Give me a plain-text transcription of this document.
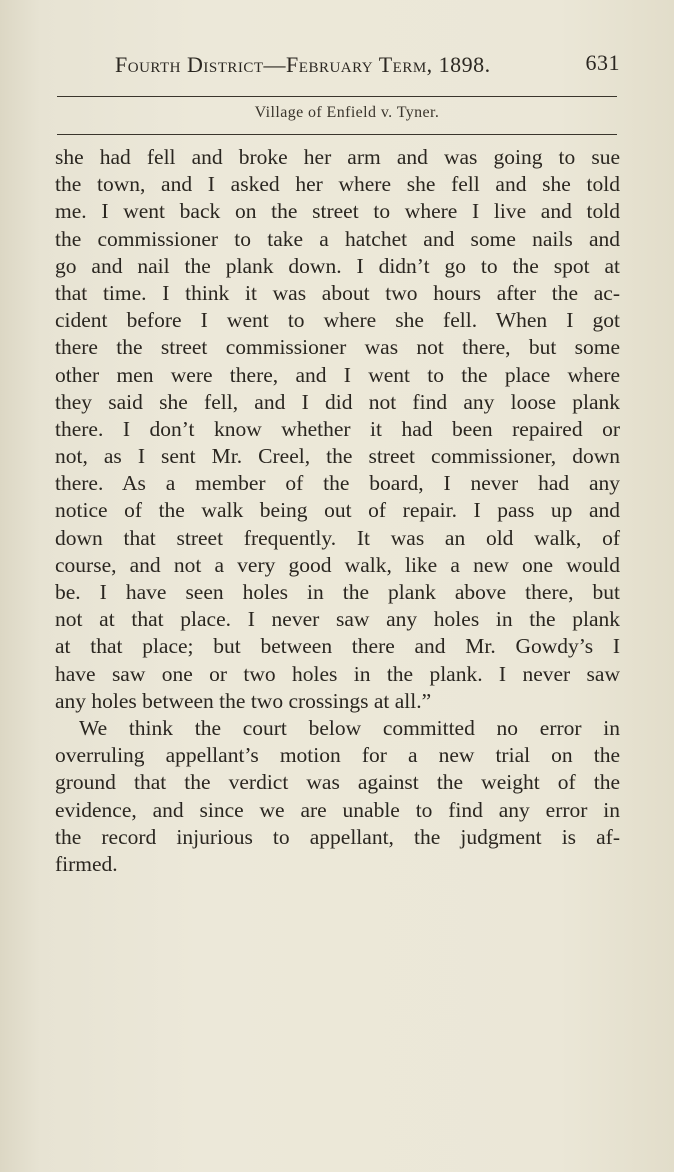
Fourth District—February Term, 1898.	631
Village of Enfield v. Tyner.
she had fell and broke her arm and was going to sue
the town, and I asked her where she fell and she told
me. I went back on the street to where I live and told
the commissioner to take a hatchet and some nails and
go and nail the plank down. I didn’t go to the spot at
that time. I think it was about two hours after the ac-
cident before I went to where she fell. When I got
there the street commissioner was not there, but some
other men were there, and I went to the place where
they said she fell, and I did not find any loose plank
there. I don’t know whether it had been repaired or
not, as I sent Mr. Creel, the street commissioner, down
there. As a member of the board, I never had any
notice of the walk being out of repair. I pass up and
down that street frequently. It was an old walk, of
course, and not a very good walk, like a new one would
be. I have seen holes in the plank above there, but
not at that place. I never saw any holes in the plank
at that place; but between there and Mr. Gowdy’s I
have saw one or two holes in the plank. I never saw
any holes between the two crossings at all.”
We think the court below committed no error in
overruling appellant’s motion for a new trial on the
ground that the verdict was against the weight of the
evidence, and since we are unable to find any error in
the record injurious to appellant, the judgment is af-
firmed.
